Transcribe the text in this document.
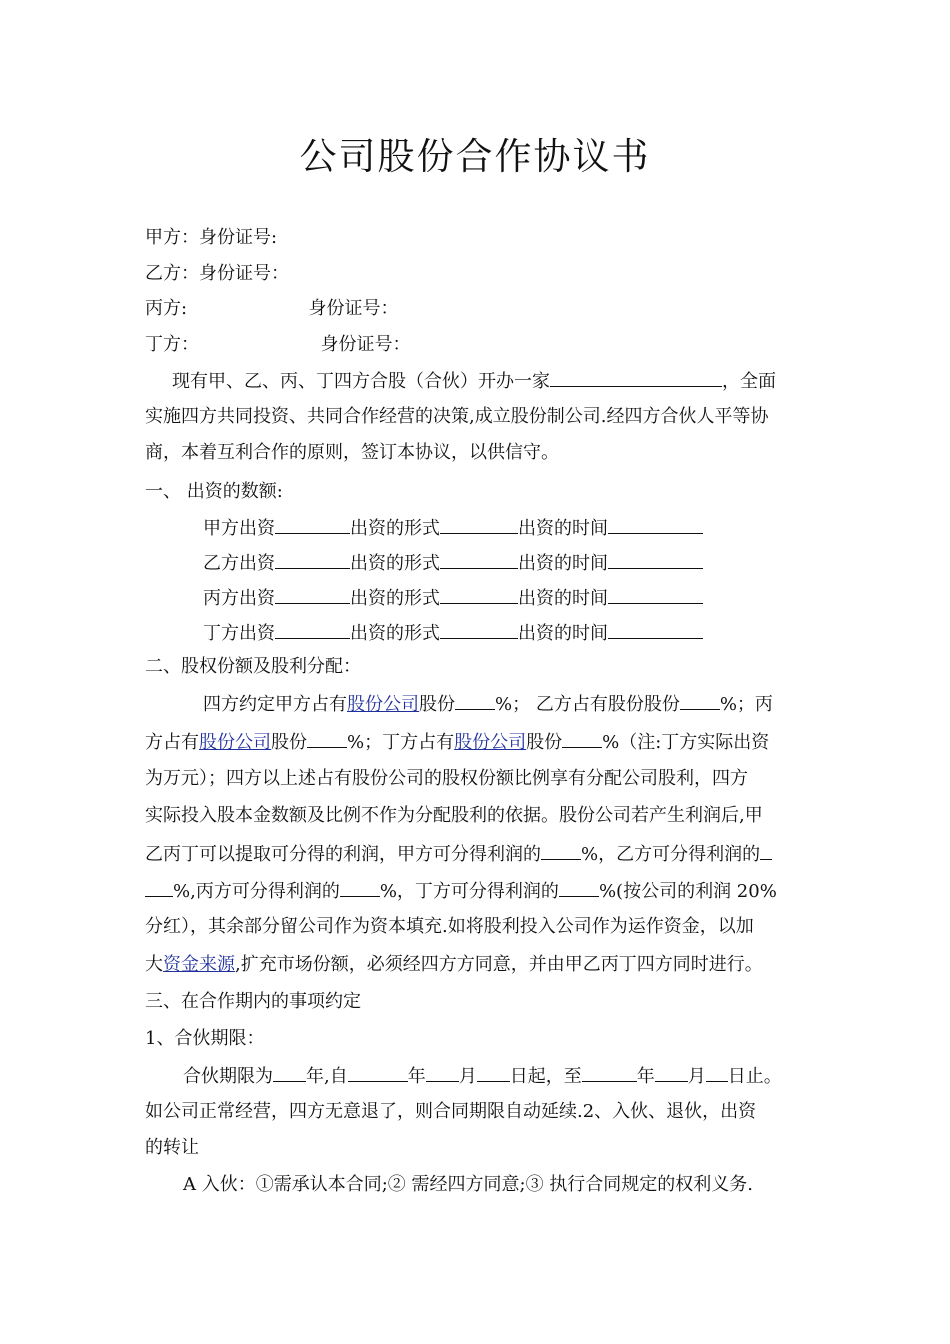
公司股份合作协议书
甲方：身份证号:
乙方：身份证号：
丙方:	身份证号：
丁方：	身份证号：
现有甲、乙、丙、丁四方合股（合伙）开办一家	，全面
实施四方共同投资、共同合作经营的决策,成立股份制公司.经四方合伙人平等协
商，本着互利合作的原则，签订本协议，以供信守。
一、 出资的数额:
甲方出资	出资的形式	出资的时间
乙方出资	出资的形式	出资的时间
丙方出资	出资的形式	出资的时间
丁方出资	出资的形式	出资的时间
二、股权份额及股利分配：
四方约定甲方占有股份公司股份 %； 乙方占有股份股份 %；丙
方占有股份公司股份 %；丁方占有股份公司股份 %（注:丁方实际出资
为万元）；四方以上述占有股份公司的股权份额比例享有分配公司股利，四方
实际投入股本金数额及比例不作为分配股利的依据。股份公司若产生利润后,甲
乙丙丁可以提取可分得的利润，甲方可分得利润的 %，乙方可分得利润的
%,丙方可分得利润的 %，丁方可分得利润的 %(按公司的利润 20%
分红），其余部分留公司作为资本填充.如将股利投入公司作为运作资金，以加
大资金来源,扩充市场份额，必须经四方方同意，并由甲乙丙丁四方同时进行。
三、在合作期内的事项约定
1、合伙期限：
合伙期限为 年,自	年 月 日起，至	年 月 日止。
如公司正常经营，四方无意退了，则合同期限自动延续.2、入伙、退伙，出资
的转让
A 入伙：①需承认本合同;② 需经四方同意;③ 执行合同规定的权利义务.
